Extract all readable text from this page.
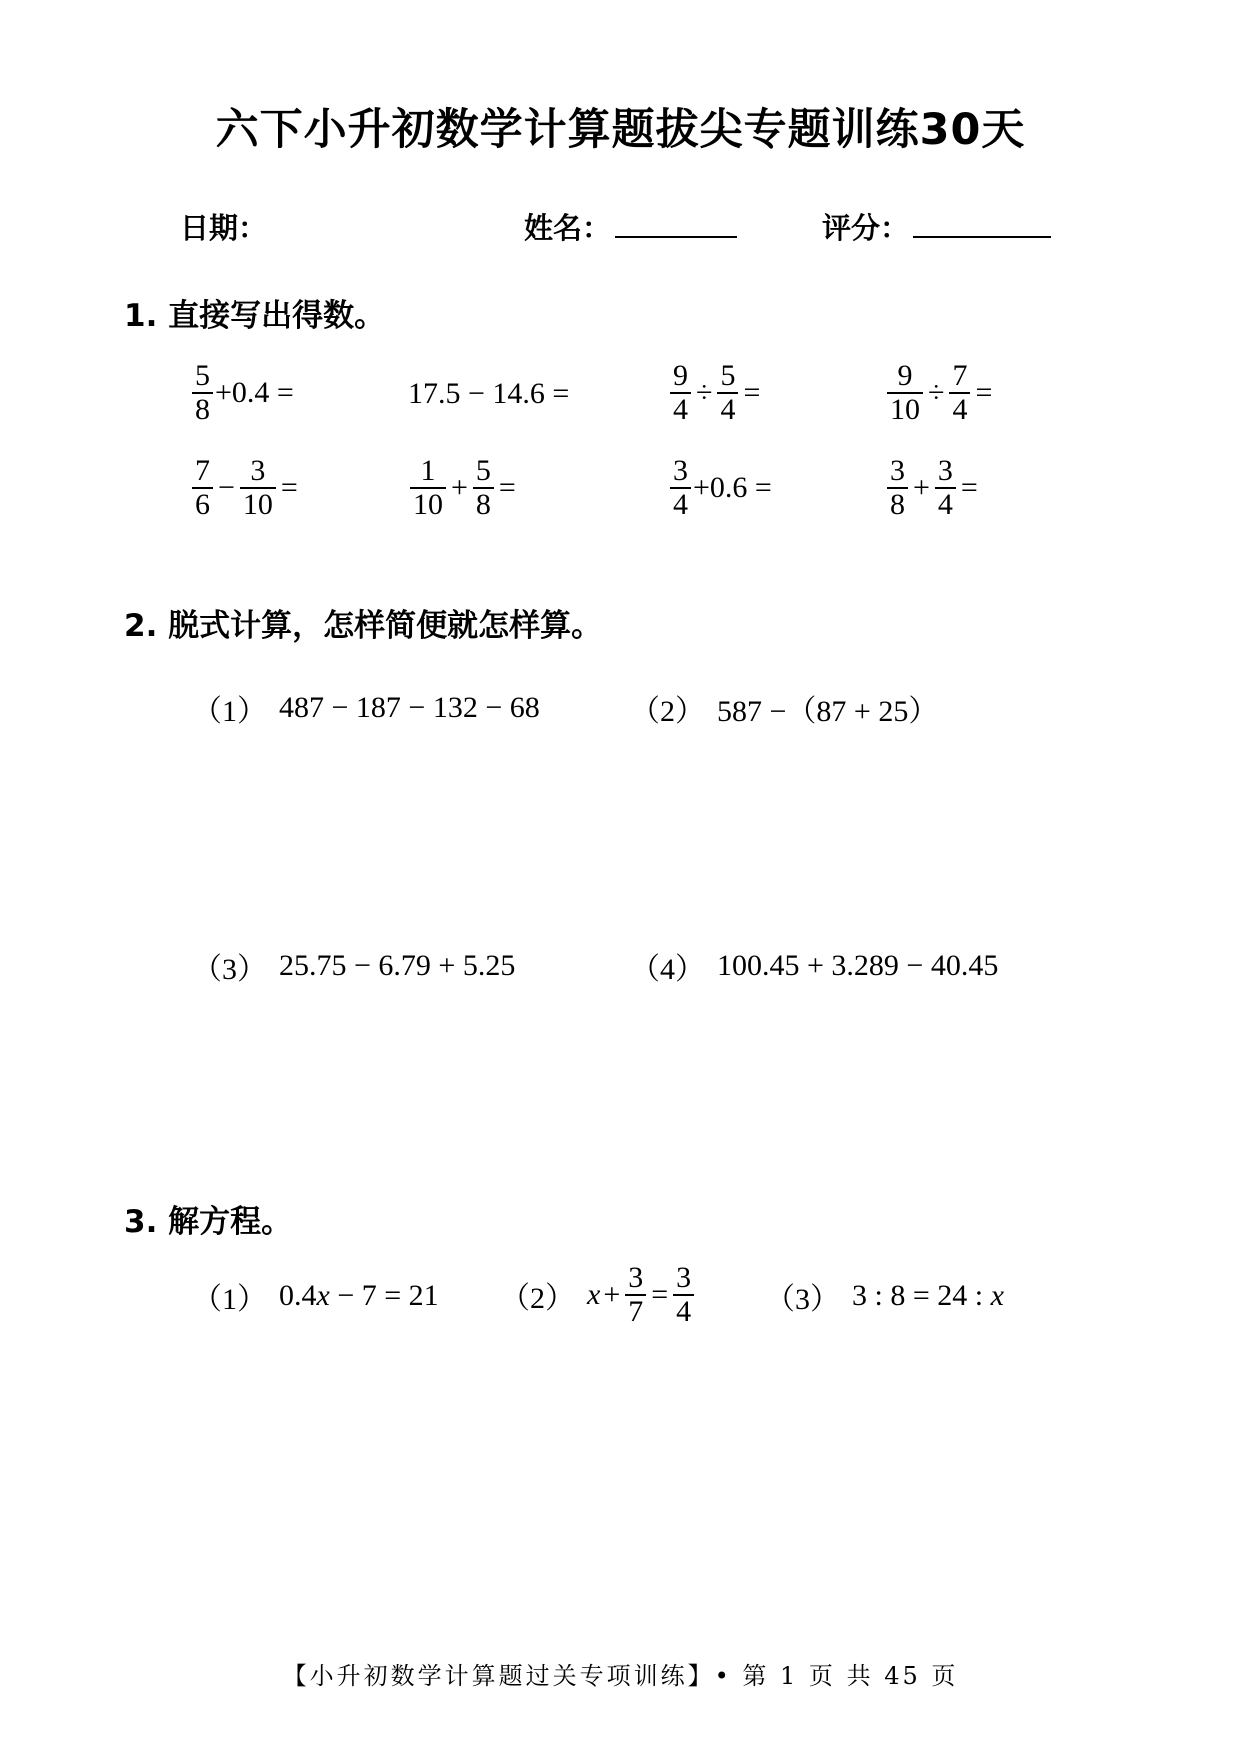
六下小升初数学计算题拔尖专题训练30天
日期：	姓名：	评分：
1. 直接写出得数。
$\frac{5}{8} +0.4$ =	17.5 − 14.6 =	$\frac{9}{4} \div \frac{5}{4}$ =	$\frac{9}{10} \div \frac{7}{4}$ =
$\frac{7}{6} - \frac{3}{10}$ =	$\frac{1}{10} + \frac{5}{8}$ =	$\frac{3}{4} +0.6$ =	$\frac{3}{8} + \frac{3}{4}$ =
2. 脱式计算，怎样简便就怎样算。
（1） 487 − 187 − 132 − 68	（2） 587 −（87 + 25）
（3） 25.75 − 6.79 + 5.25	（4） 100.45 + 3.289 − 40.45
3. 解方程。
（1） 0.4 x − 7 = 21 （2） $x + \frac{3}{7} = \frac{3}{4} (3)$ 3 : 8 = 24 : x
【小升初数学计算题过关专项训练】• 第 1 页 共 45 页
